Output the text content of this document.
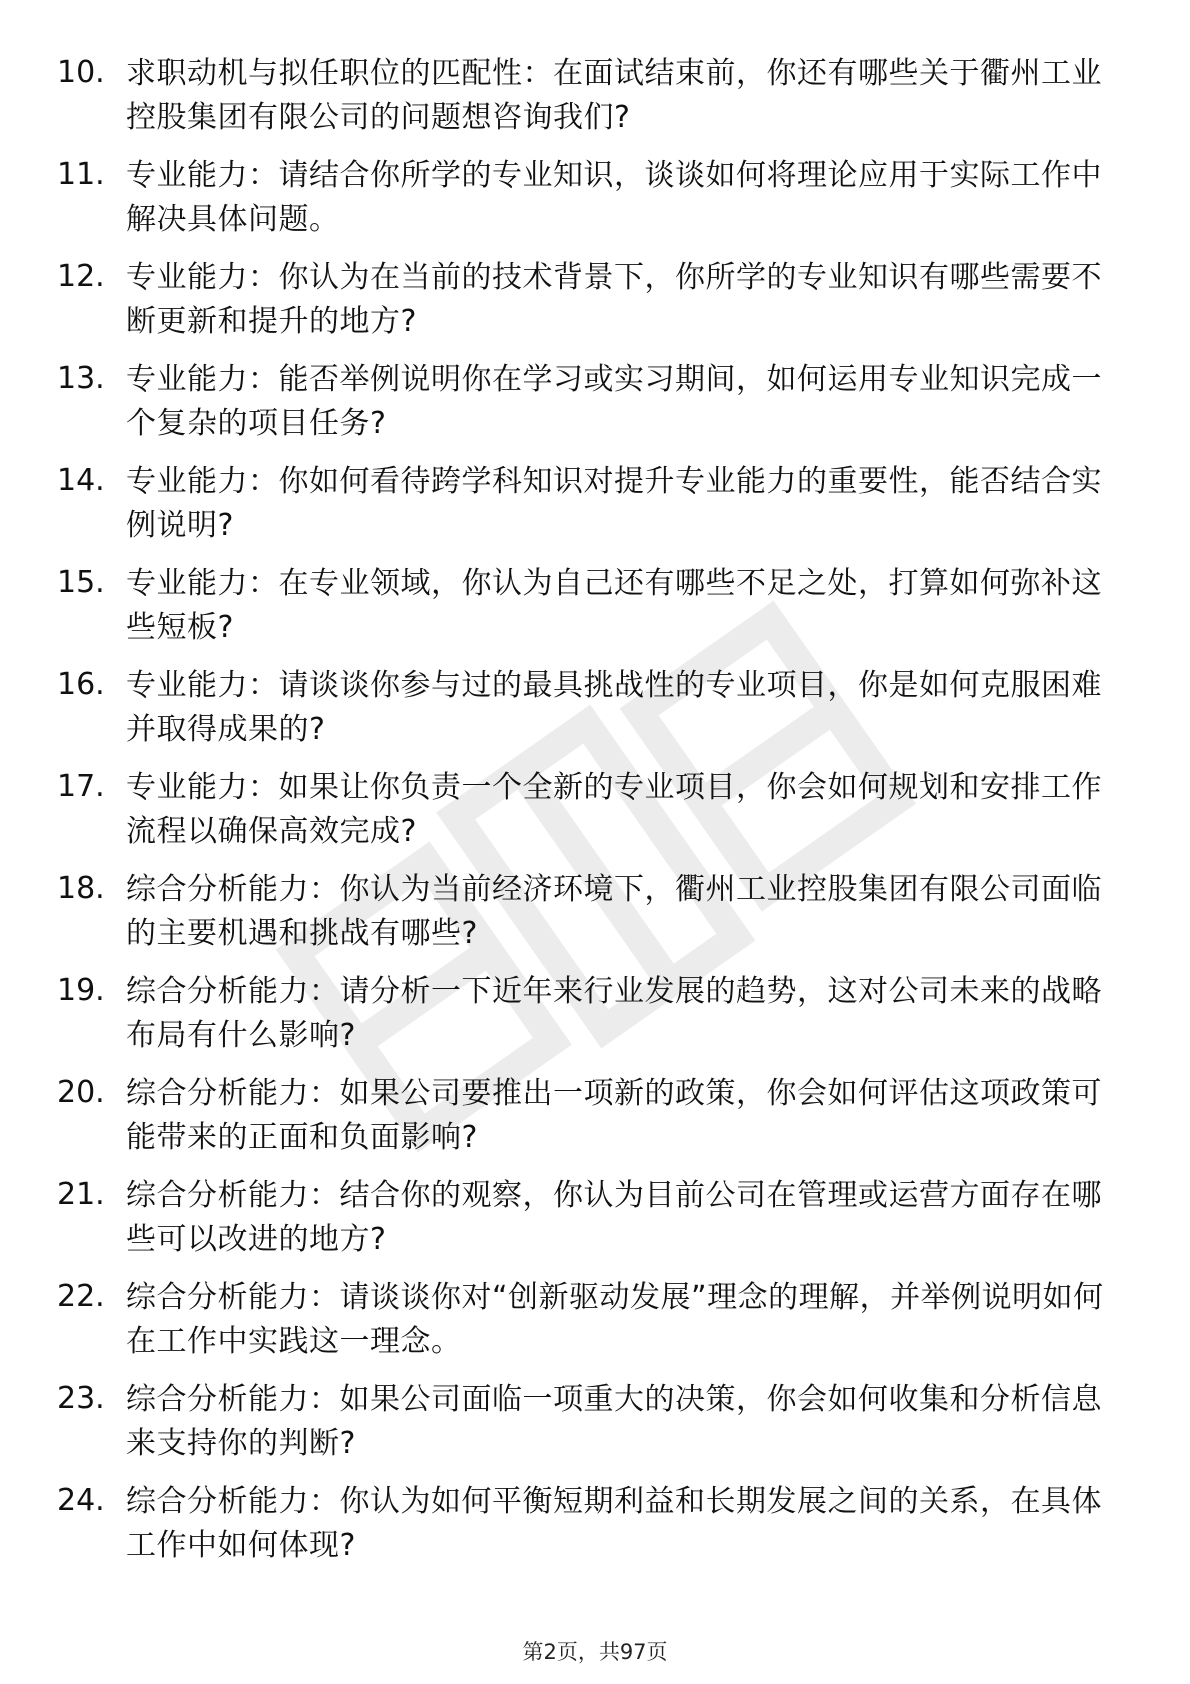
10. 求职动机与拟任职位的匹配性：在面试结束前，你还有哪些关于衢州工业控股集团有限公司的问题想咨询我们?
11. 专业能力：请结合你所学的专业知识，谈谈如何将理论应用于实际工作中解决具体问题。
12. 专业能力：你认为在当前的技术背景下，你所学的专业知识有哪些需要不断更新和提升的地方?
13. 专业能力：能否举例说明你在学习或实习期间，如何运用专业知识完成一个复杂的项目任务?
14. 专业能力：你如何看待跨学科知识对提升专业能力的重要性，能否结合实例说明?
15. 专业能力：在专业领域，你认为自己还有哪些不足之处，打算如何弥补这些短板?
16. 专业能力：请谈谈你参与过的最具挑战性的专业项目，你是如何克服困难并取得成果的?
17. 专业能力：如果让你负责一个全新的专业项目，你会如何规划和安排工作流程以确保高效完成?
18. 综合分析能力：你认为当前经济环境下，衢州工业控股集团有限公司面临的主要机遇和挑战有哪些?
19. 综合分析能力：请分析一下近年来行业发展的趋势，这对公司未来的战略布局有什么影响?
20. 综合分析能力：如果公司要推出一项新的政策，你会如何评估这项政策可能带来的正面和负面影响?
21. 综合分析能力：结合你的观察，你认为目前公司在管理或运营方面存在哪些可以改进的地方?
22. 综合分析能力：请谈谈你对“创新驱动发展”理念的理解，并举例说明如何在工作中实践这一理念。
23. 综合分析能力：如果公司面临一项重大的决策，你会如何收集和分析信息来支持你的判断?
24. 综合分析能力：你认为如何平衡短期利益和长期发展之间的关系，在具体工作中如何体现?
第2页，共97页
